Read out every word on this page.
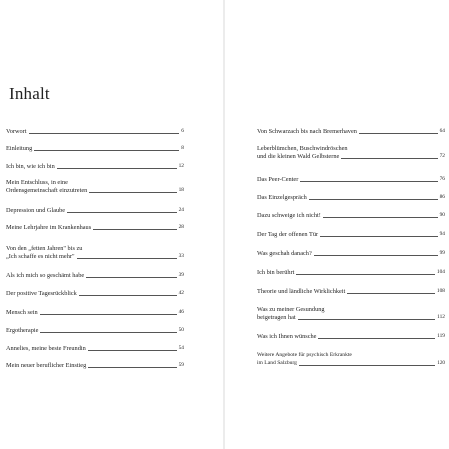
Inhalt
Vorwort	6
Einleitung	8
Ich bin, wie ich bin	12
Mein Entschluss, in eine
Ordensgemeinschaft einzutreten	18
Depression und Glaube	24
Meine Lehrjahre im Krankenhaus	28
Von den „fetten Jahren" bis zu
„Ich schaffe es nicht mehr"	33
Als ich mich so geschämt habe	39
Der positive Tagesrückblick	42
Mensch sein	46
Ergotherapie	50
Annelies, meine beste Freundin	54
Mein neuer beruflicher Einstieg	59
Von Schwarzach bis nach Bremerhaven	64
Leberblümchen, Buschwindröschen
und die kleinen Wald Gelbsterne	72
Das Peer-Center	76
Das Einzelgespräch	86
Dazu schweige ich nicht!	90
Der Tag der offenen Tür	94
Was geschah danach?	99
Ich bin berührt	104
Theorie und ländliche Wirklichkeit	108
Was zu meiner Gesundung
beigetragen hat	112
Was ich Ihnen wünsche	119
Weitere Angebote für psychisch Erkrankte
im Land Salzburg	120
